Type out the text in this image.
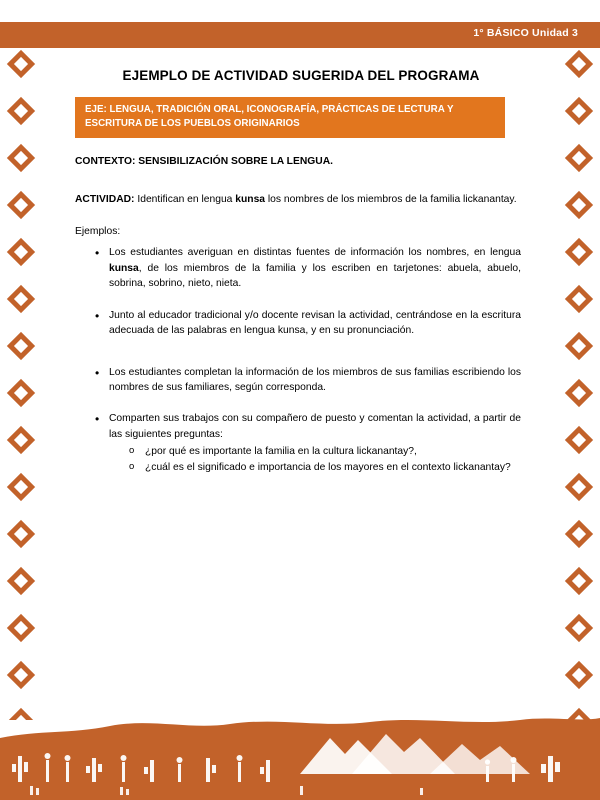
1° BÁSICO Unidad 3
EJEMPLO DE ACTIVIDAD SUGERIDA DEL PROGRAMA
EJE: LENGUA, TRADICIÓN ORAL, ICONOGRAFÍA, PRÁCTICAS DE LECTURA Y ESCRITURA DE LOS PUEBLOS ORIGINARIOS
CONTEXTO: SENSIBILIZACIÓN SOBRE LA LENGUA.
ACTIVIDAD: Identifican en lengua kunsa los nombres de los miembros de la familia lickanantay.
Ejemplos:
• Los estudiantes averiguan en distintas fuentes de información los nombres, en lengua kunsa, de los miembros de la familia y los escriben en tarjetones: abuela, abuelo, sobrina, sobrino, nieto, nieta.
• Junto al educador tradicional y/o docente revisan la actividad, centrándose en la escritura adecuada de las palabras en lengua kunsa, y en su pronunciación.
• Los estudiantes completan la información de los miembros de sus familias escribiendo los nombres de sus familiares, según corresponda.
• Comparten sus trabajos con su compañero de puesto y comentan la actividad, a partir de las siguientes preguntas:
o ¿por qué es importante la familia en la cultura lickanantay?,
o ¿cuál es el significado e importancia de los mayores en el contexto lickanantay?
